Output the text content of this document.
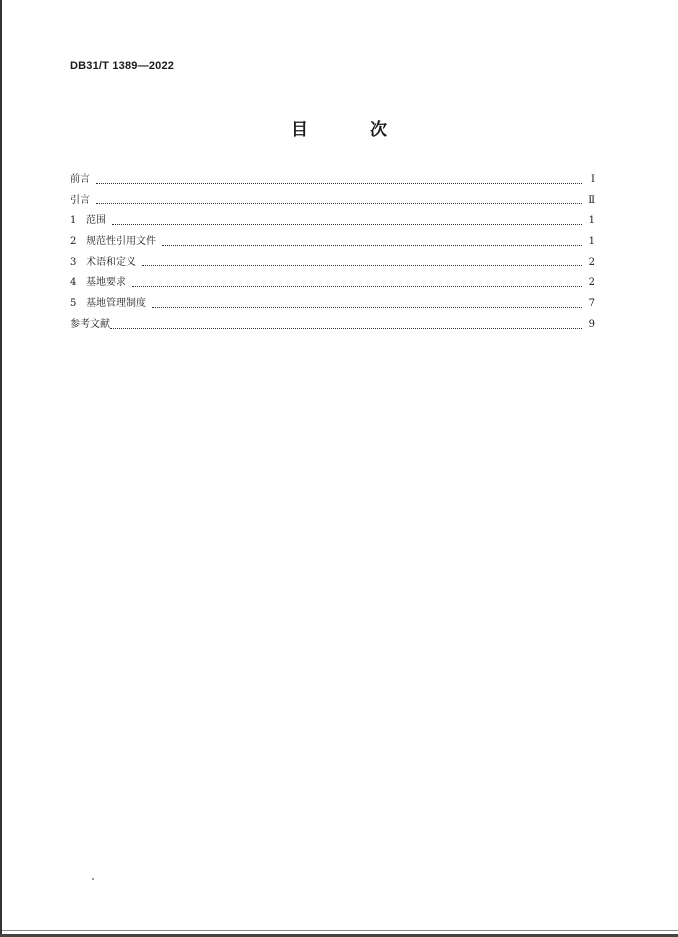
DB31/T 1389—2022
目 次
前言	Ⅰ
引言	Ⅱ
1 范围	1
2 规范性引用文件	1
3 术语和定义	2
4 基地要求	2
5 基地管理制度	7
参考文献	9
